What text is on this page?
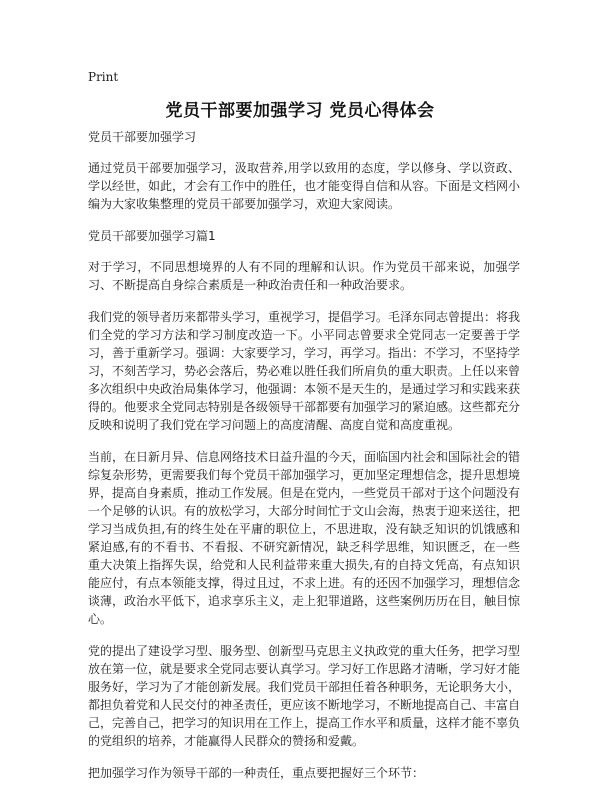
Print
党员干部要加强学习 党员心得体会

党员干部要加强学习

通过党员干部要加强学习，汲取营养,用学以致用的态度，学以修身、学以资政、学以经世，如此，才会有工作中的胜任，也才能变得自信和从容。下面是文档网小编为大家收集整理的党员干部要加强学习，欢迎大家阅读。

党员干部要加强学习篇1

对于学习，不同思想境界的人有不同的理解和认识。作为党员干部来说，加强学习、不断提高自身综合素质是一种政治责任和一种政治要求。

我们党的领导者历来都带头学习，重视学习，提倡学习。毛泽东同志曾提出：将我们全党的学习方法和学习制度改造一下。小平同志曾要求全党同志一定要善于学习，善于重新学习。强调：大家要学习，学习，再学习。指出：不学习，不坚持学习，不刻苦学习，势必会落后，势必难以胜任我们所肩负的重大职责。上任以来曾多次组织中央政治局集体学习，他强调：本领不是天生的，是通过学习和实践来获得的。他要求全党同志特别是各级领导干部都要有加强学习的紧迫感。这些都充分反映和说明了我们党在学习问题上的高度清醒、高度自觉和高度重视。

当前，在日新月异、信息网络技术日益升温的今天，面临国内社会和国际社会的错综复杂形势，更需要我们每个党员干部加强学习，更加坚定理想信念，提升思想境界，提高自身素质，推动工作发展。但是在党内，一些党员干部对于这个问题没有一个足够的认识。有的放松学习，大部分时间忙于文山会海，热衷于迎来送往，把学习当成负担,有的终生处在平庸的职位上，不思进取，没有缺乏知识的饥饿感和紧迫感,有的不看书、不看报、不研究新情况，缺乏科学思维，知识匮乏，在一些重大决策上指挥失误，给党和人民利益带来重大损失,有的自持文凭高，有点知识能应付，有点本领能支撑，得过且过，不求上进。有的还因不加强学习，理想信念谈薄，政治水平低下，追求享乐主义，走上犯罪道路，这些案例历历在目，触目惊心。

党的提出了建设学习型、服务型、创新型马克思主义执政党的重大任务，把学习型放在第一位，就是要求全党同志要认真学习。学习好工作思路才清晰，学习好才能服务好，学习为了才能创新发展。我们党员干部担任着各种职务，无论职务大小，都担负着党和人民交付的神圣责任，更应该不断地学习，不断地提高自己、丰富自己，完善自己，把学习的知识用在工作上，提高工作水平和质量，这样才能不辜负的党组织的培养，才能赢得人民群众的赞扬和爱戴。

把加强学习作为领导干部的一种责任，重点要把握好三个环节：
